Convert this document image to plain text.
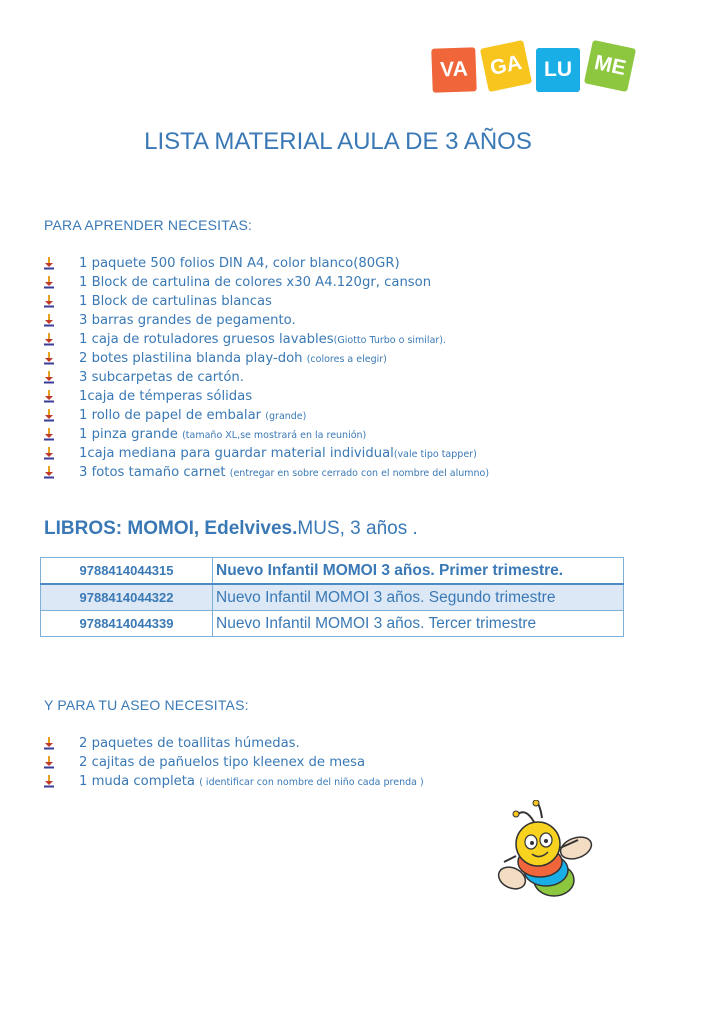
VA GA LU ME
LISTA MATERIAL AULA DE 3 AÑOS
PARA APRENDER NECESITAS:
1 paquete 500 folios DIN A4, color blanco(80GR)
1 Block de cartulina de colores x30 A4.120gr, canson
1 Block de cartulinas blancas
3 barras grandes de pegamento.
1 caja de rotuladores gruesos lavables(Giotto Turbo o similar).
2 botes plastilina blanda play-doh (colores a elegir)
3 subcarpetas de cartón.
1caja de témperas sólidas
1 rollo de papel de embalar (grande)
1 pinza grande (tamaño XL,se mostrará en la reunión)
1caja mediana para guardar material individual(vale tipo tapper)
3 fotos tamaño carnet (entregar en sobre cerrado con el nombre del alumno)
LIBROS: MOMOI, Edelvives.MUS, 3 años .
9788414044315	Nuevo Infantil MOMOI 3 años. Primer trimestre.
9788414044322	Nuevo Infantil MOMOI 3 años. Segundo trimestre
9788414044339	Nuevo Infantil MOMOI 3 años. Tercer trimestre
Y PARA TU ASEO NECESITAS:
2 paquetes de toallitas húmedas.
2 cajitas de pañuelos tipo kleenex de mesa
1 muda completa ( identificar con nombre del niño cada prenda )
